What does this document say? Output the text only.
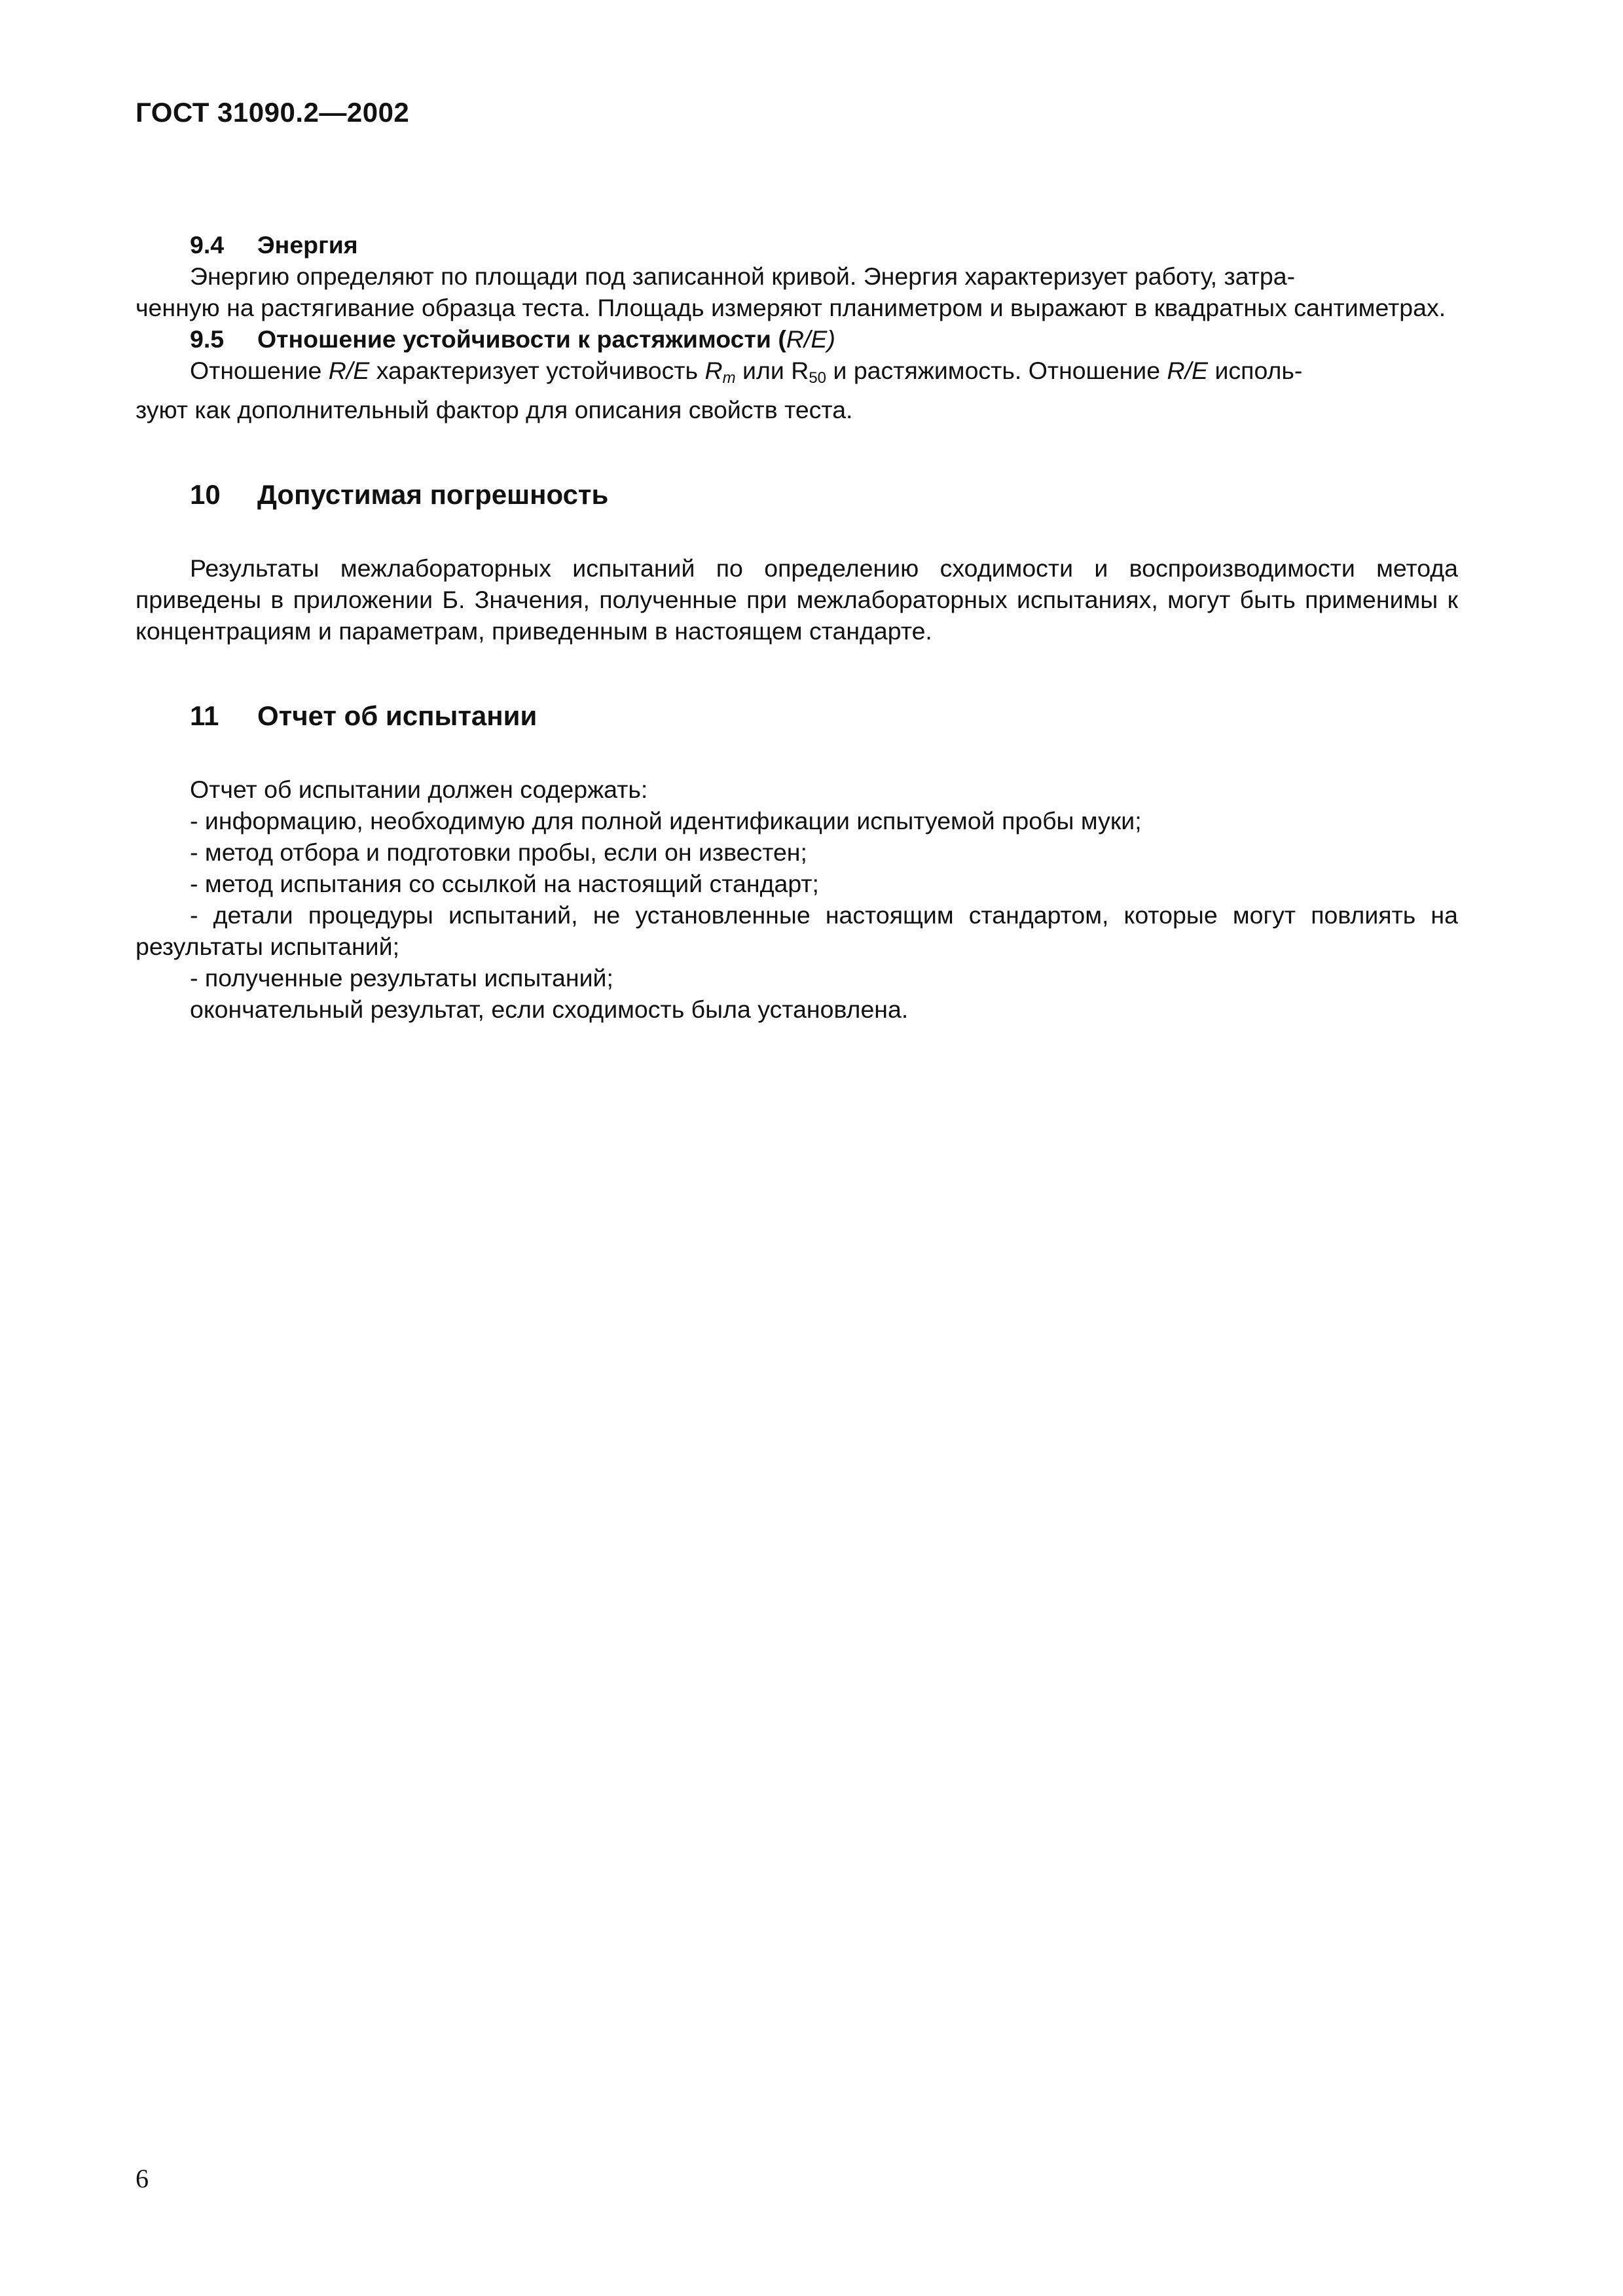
ГОСТ 31090.2—2002
9.4 Энергия
Энергию определяют по площади под записанной кривой. Энергия характеризует работу, затра-
ченную на растягивание образца теста. Площадь измеряют планиметром и выражают в квадратных сантиметрах.
9.5 Отношение устойчивости к растяжимости (R/E)
Отношение R/E характеризует устойчивость $R_m$ или $R_{50}$ и растяжимость. Отношение R/E исполь-
зуют как дополнительный фактор для описания свойств теста.
10 Допустимая погрешность
Результаты межлабораторных испытаний по определению сходимости и воспроизводимости метода приведены в приложении Б. Значения, полученные при межлабораторных испытаниях, могут быть применимы к концентрациям и параметрам, приведенным в настоящем стандарте.
11 Отчет об испытании
Отчет об испытании должен содержать:
- информацию, необходимую для полной идентификации испытуемой пробы муки;
- метод отбора и подготовки пробы, если он известен;
- метод испытания со ссылкой на настоящий стандарт;
- детали процедуры испытаний, не установленные настоящим стандартом, которые могут повлиять на результаты испытаний;
- полученные результаты испытаний;
окончательный результат, если сходимость была установлена.
6
